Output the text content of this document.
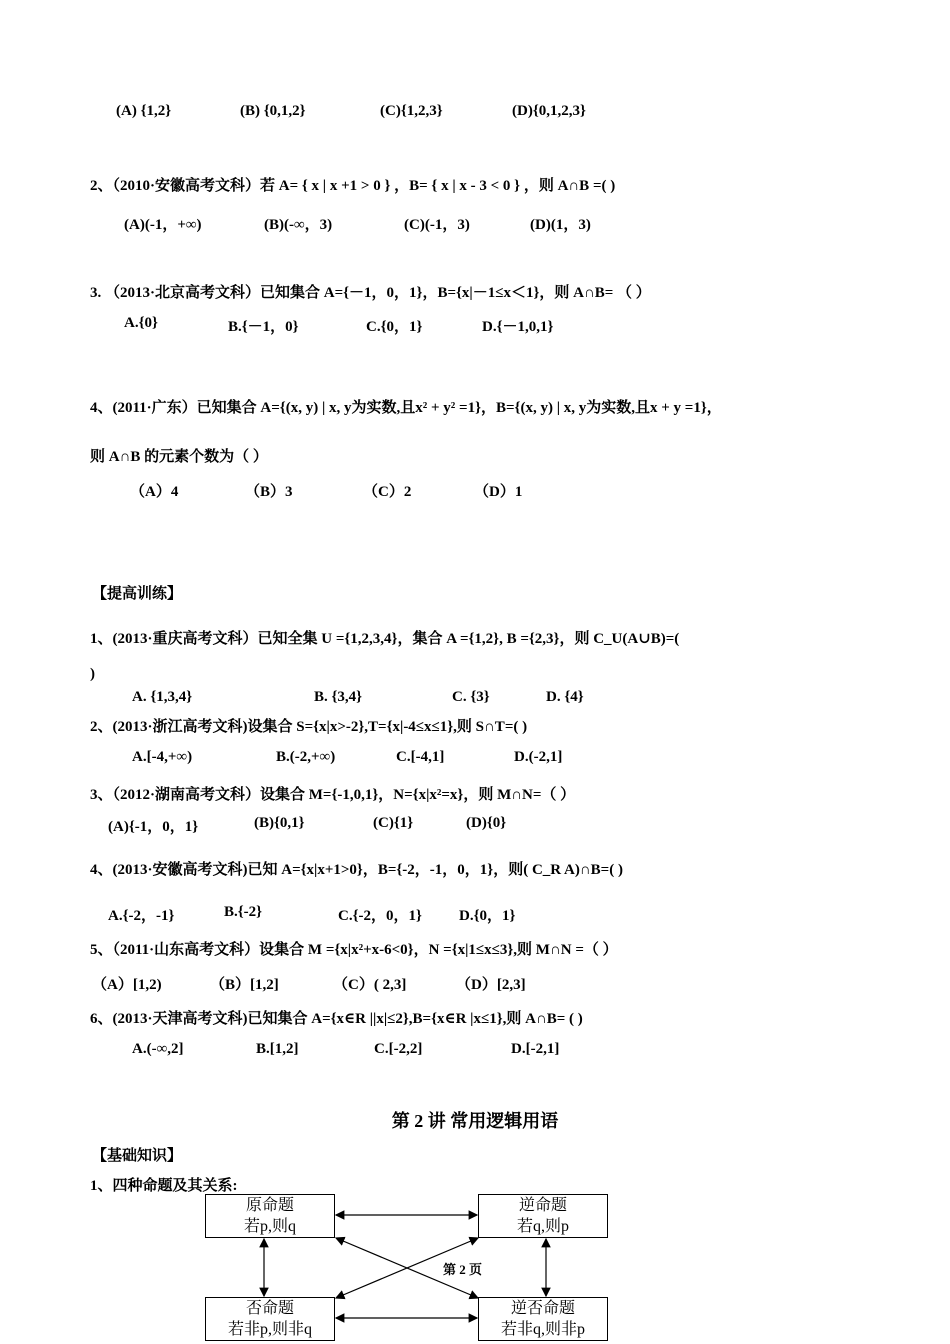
(A) {1,2}	(B) {0,1,2}	(C){1,2,3}	(D){0,1,2,3}
2、（2010·安徽高考文科）若 A= { x | x +1 > 0 } ，B= { x | x - 3 < 0 } ，则 A∩B =( )
(A)(-1，+∞)	(B)(-∞，3)	(C)(-1，3)	(D)(1，3)
3. （2013·北京高考文科）已知集合 A={－1，0，1}，B={x|－1≤x＜1}，则 A∩B= （ ）
A.{0}	B.{－1，0}	C.{0，1}	D.{－1,0,1}
4、(2011·广东）已知集合 A={(x, y) | x, y为实数,且x² + y² =1}，B={(x, y) | x, y为实数,且x + y =1}，
则 A∩B 的元素个数为（ ）
（A）4	（B）3	（C）2	（D）1
【提高训练】
1、(2013·重庆高考文科）已知全集 U ={1,2,3,4}，集合 A ={1,2}, B ={2,3}，则 C_U(A∪B)=(
)
A. {1,3,4}	B. {3,4}	C. {3}	D. {4}
2、(2013·浙江高考文科)设集合 S={x|x>-2},T={x|-4≤x≤1},则 S∩T=( )
A.[-4,+∞)	B.(-2,+∞)	C.[-4,1]	D.(-2,1]
3、（2012·湖南高考文科）设集合 M={-1,0,1}，N={x|x²=x}，则 M∩N=（ ）
(A){-1，0，1}	(B){0,1}	(C){1}	(D){0}
4、(2013·安徽高考文科)已知 A={x|x+1>0}，B={-2，-1，0，1}，则( C_R A)∩B=( )
A.{-2，-1}	B.{-2}	C.{-2，0，1} D.{0，1}
5、（2011·山东高考文科）设集合 M ={x|x²+x-6<0}，N ={x|1≤x≤3},则 M∩N =（ ）
（A）[1,2)	（B）[1,2]	（C）( 2,3]	（D）[2,3]
6、(2013·天津高考文科)已知集合 A={x∈R ||x|≤2},B={x∈R |x≤1},则 A∩B= ( )
A.(-∞,2]	B.[1,2]	C.[-2,2]	D.[-2,1]
第 2 讲 常用逻辑用语
【基础知识】
1、四种命题及其关系:
原命题
若p,则q
逆命题
若q,则p
否命题
若非p,则非q
逆否命题
若非q,则非p
第 2 页
